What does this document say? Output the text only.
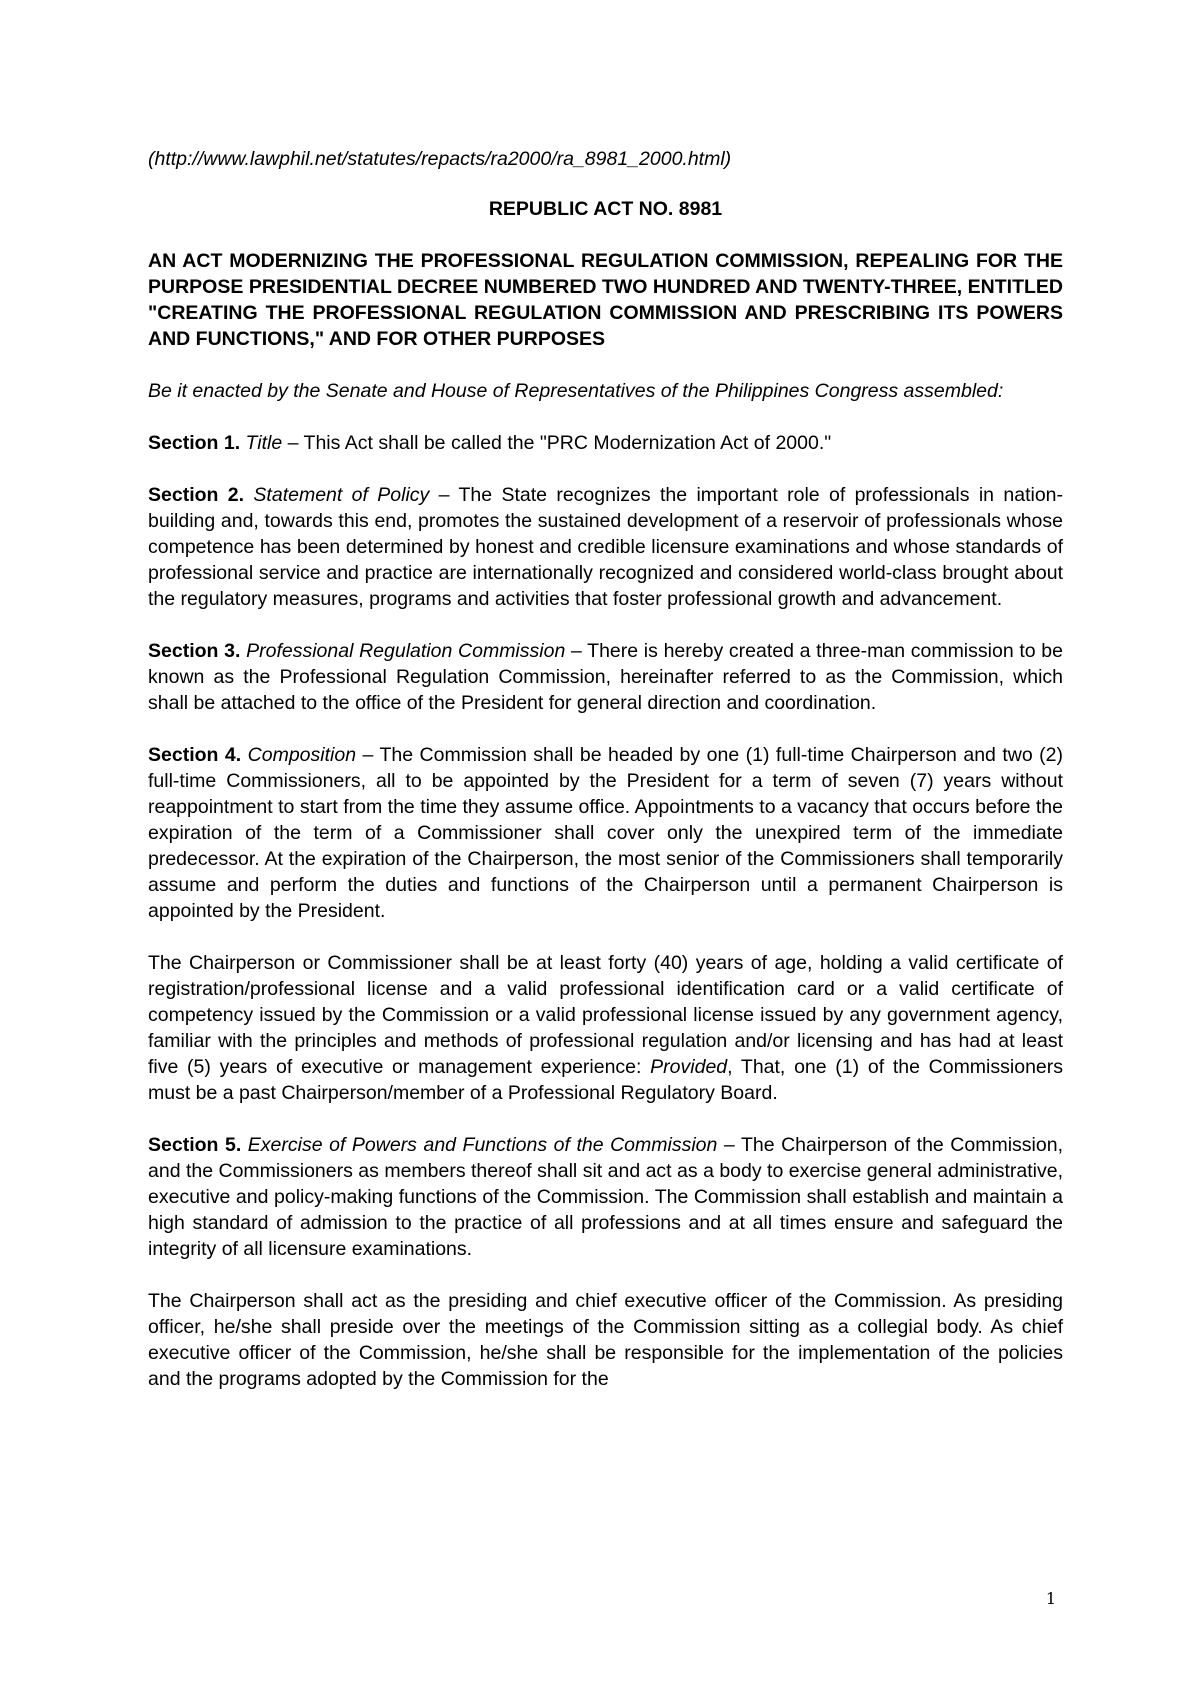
(http://www.lawphil.net/statutes/repacts/ra2000/ra_8981_2000.html)

REPUBLIC ACT NO. 8981

AN ACT MODERNIZING THE PROFESSIONAL REGULATION COMMISSION, REPEALING FOR THE PURPOSE PRESIDENTIAL DECREE NUMBERED TWO HUNDRED AND TWENTY-THREE, ENTITLED "CREATING THE PROFESSIONAL REGULATION COMMISSION AND PRESCRIBING ITS POWERS AND FUNCTIONS," AND FOR OTHER PURPOSES

Be it enacted by the Senate and House of Representatives of the Philippines Congress assembled:

Section 1. Title – This Act shall be called the "PRC Modernization Act of 2000."

Section 2. Statement of Policy – The State recognizes the important role of professionals in nation-building and, towards this end, promotes the sustained development of a reservoir of professionals whose competence has been determined by honest and credible licensure examinations and whose standards of professional service and practice are internationally recognized and considered world-class brought about the regulatory measures, programs and activities that foster professional growth and advancement.

Section 3. Professional Regulation Commission – There is hereby created a three-man commission to be known as the Professional Regulation Commission, hereinafter referred to as the Commission, which shall be attached to the office of the President for general direction and coordination.

Section 4. Composition – The Commission shall be headed by one (1) full-time Chairperson and two (2) full-time Commissioners, all to be appointed by the President for a term of seven (7) years without reappointment to start from the time they assume office. Appointments to a vacancy that occurs before the expiration of the term of a Commissioner shall cover only the unexpired term of the immediate predecessor. At the expiration of the Chairperson, the most senior of the Commissioners shall temporarily assume and perform the duties and functions of the Chairperson until a permanent Chairperson is appointed by the President.

The Chairperson or Commissioner shall be at least forty (40) years of age, holding a valid certificate of registration/professional license and a valid professional identification card or a valid certificate of competency issued by the Commission or a valid professional license issued by any government agency, familiar with the principles and methods of professional regulation and/or licensing and has had at least five (5) years of executive or management experience: Provided, That, one (1) of the Commissioners must be a past Chairperson/member of a Professional Regulatory Board.

Section 5. Exercise of Powers and Functions of the Commission – The Chairperson of the Commission, and the Commissioners as members thereof shall sit and act as a body to exercise general administrative, executive and policy-making functions of the Commission. The Commission shall establish and maintain a high standard of admission to the practice of all professions and at all times ensure and safeguard the integrity of all licensure examinations.

The Chairperson shall act as the presiding and chief executive officer of the Commission. As presiding officer, he/she shall preside over the meetings of the Commission sitting as a collegial body. As chief executive officer of the Commission, he/she shall be responsible for the implementation of the policies and the programs adopted by the Commission for the

1
